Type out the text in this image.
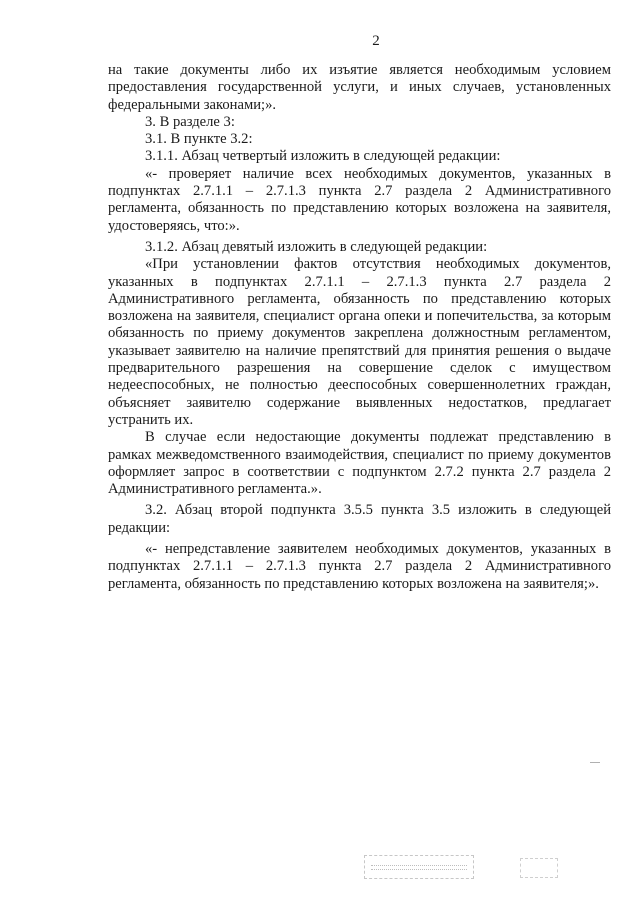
2

на такие документы либо их изъятие является необходимым условием предоставления государственной услуги, и иных случаев, установленных федеральными законами;».

3. В разделе 3:

3.1. В пункте 3.2:

3.1.1. Абзац четвертый изложить в следующей редакции:

«- проверяет наличие всех необходимых документов, указанных в подпунктах 2.7.1.1 – 2.7.1.3 пункта 2.7 раздела 2 Административного регламента, обязанность по представлению которых возложена на заявителя, удостоверяясь, что:».

3.1.2. Абзац девятый изложить в следующей редакции:

«При установлении фактов отсутствия необходимых документов, указанных в подпунктах 2.7.1.1 – 2.7.1.3 пункта 2.7 раздела 2 Административного регламента, обязанность по представлению которых возложена на заявителя, специалист органа опеки и попечительства, за которым обязанность по приему документов закреплена должностным регламентом, указывает заявителю на наличие препятствий для принятия решения о выдаче предварительного разрешения на совершение сделок с имуществом недееспособных, не полностью дееспособных совершеннолетних граждан, объясняет заявителю содержание выявленных недостатков, предлагает устранить их.

В случае если недостающие документы подлежат представлению в рамках межведомственного взаимодействия, специалист по приему документов оформляет запрос в соответствии с подпунктом 2.7.2 пункта 2.7 раздела 2 Административного регламента.».

3.2. Абзац второй подпункта 3.5.5 пункта 3.5 изложить в следующей редакции:

«- непредставление заявителем необходимых документов, указанных в подпунктах 2.7.1.1 – 2.7.1.3 пункта 2.7 раздела 2 Административного регламента, обязанность по представлению которых возложена на заявителя;».
